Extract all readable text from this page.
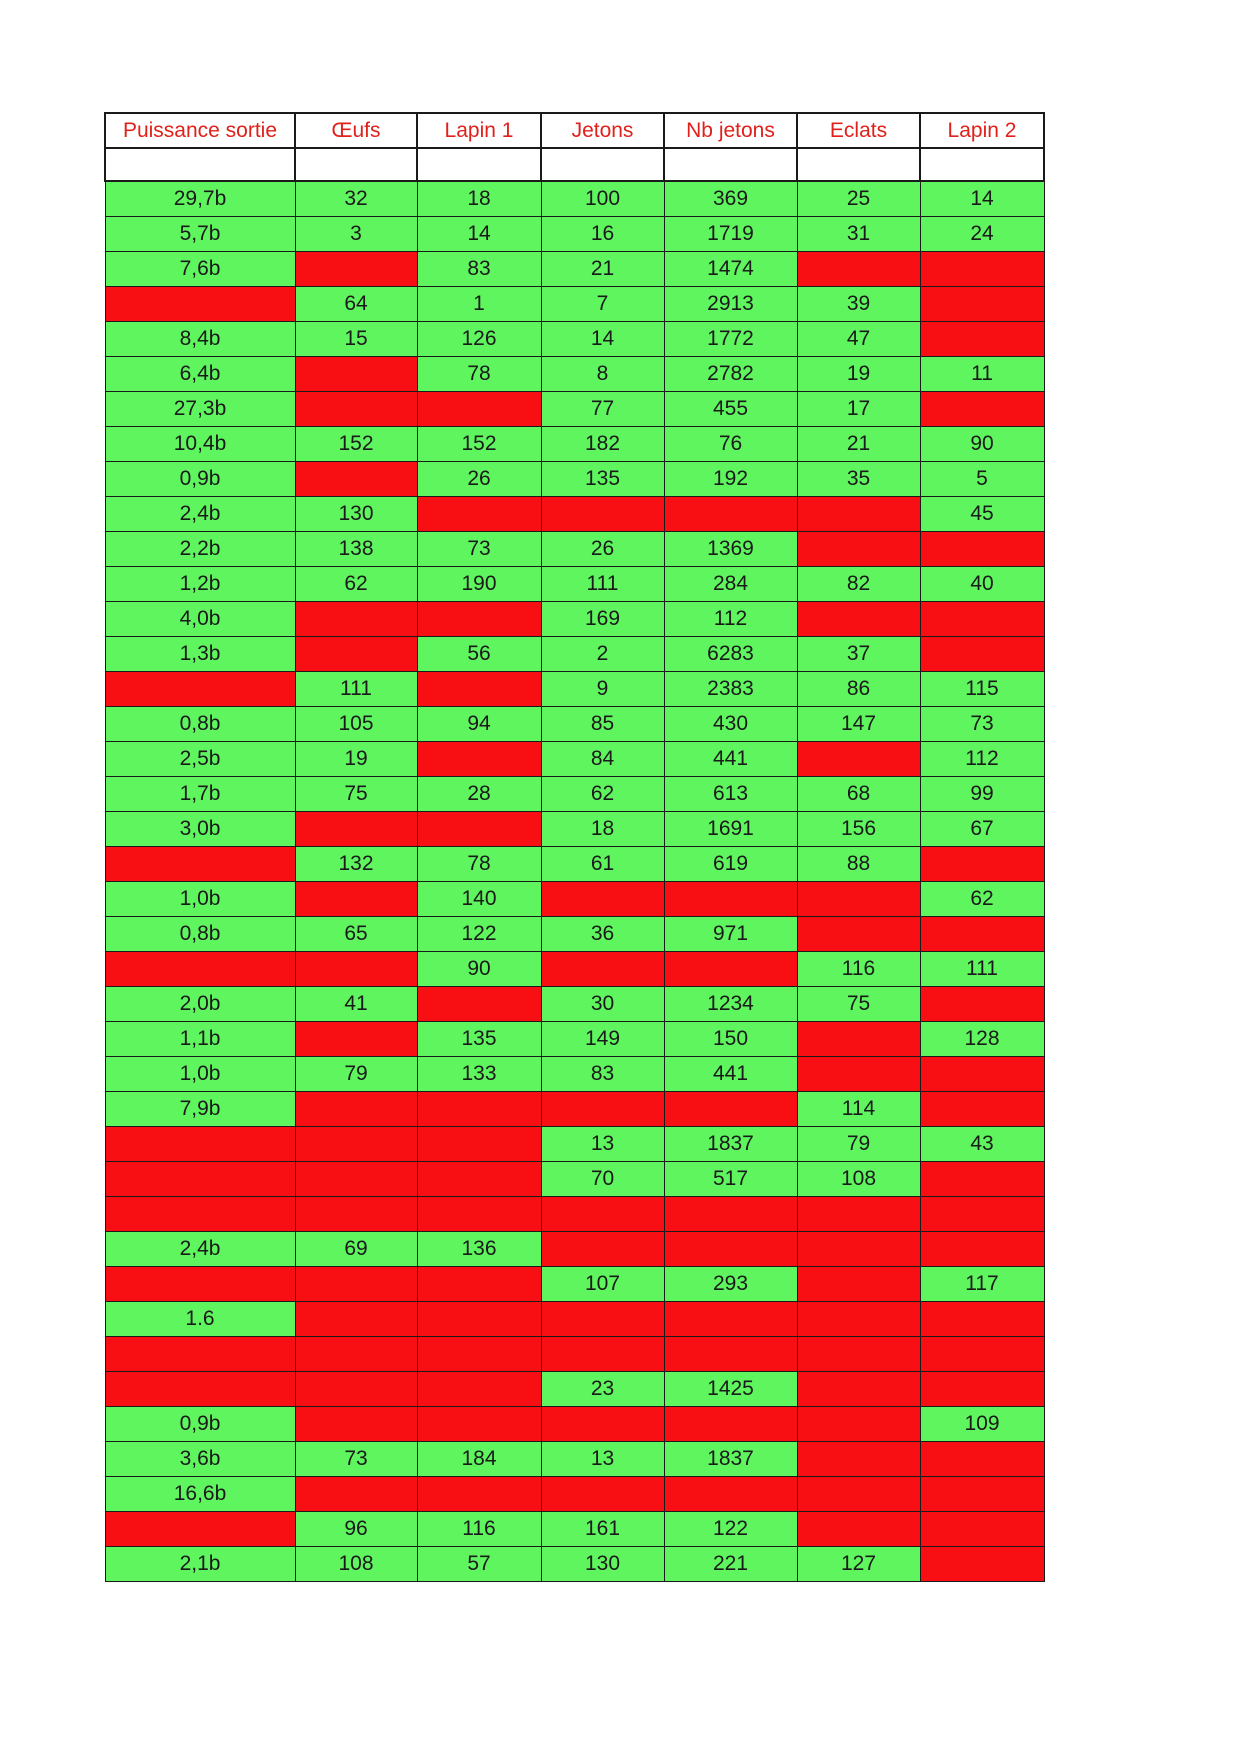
Puissance sortie	Œufs	Lapin 1	Jetons	Nb jetons	Eclats	Lapin 2

29,7b	32	18	100	369	25	14
5,7b	3	14	16	1719	31	24
7,6b		83	21	1474		
	64	1	7	2913	39	
8,4b	15	126	14	1772	47	
6,4b		78	8	2782	19	11
27,3b			77	455	17	
10,4b	152	152	182	76	21	90
0,9b		26	135	192	35	5
2,4b	130					45
2,2b	138	73	26	1369		
1,2b	62	190	111	284	82	40
4,0b			169	112		
1,3b		56	2	6283	37	
	111		9	2383	86	115
0,8b	105	94	85	430	147	73
2,5b	19		84	441		112
1,7b	75	28	62	613	68	99
3,0b			18	1691	156	67
	132	78	61	619	88	
1,0b		140				62
0,8b	65	122	36	971		
		90			116	111
2,0b	41		30	1234	75	
1,1b		135	149	150		128
1,0b	79	133	83	441		
7,9b					114	
			13	1837	79	43
			70	517	108	

2,4b	69	136				
			107	293		117
1.6						

			23	1425		
0,9b						109
3,6b	73	184	13	1837		
16,6b						
	96	116	161	122		
2,1b	108	57	130	221	127	
